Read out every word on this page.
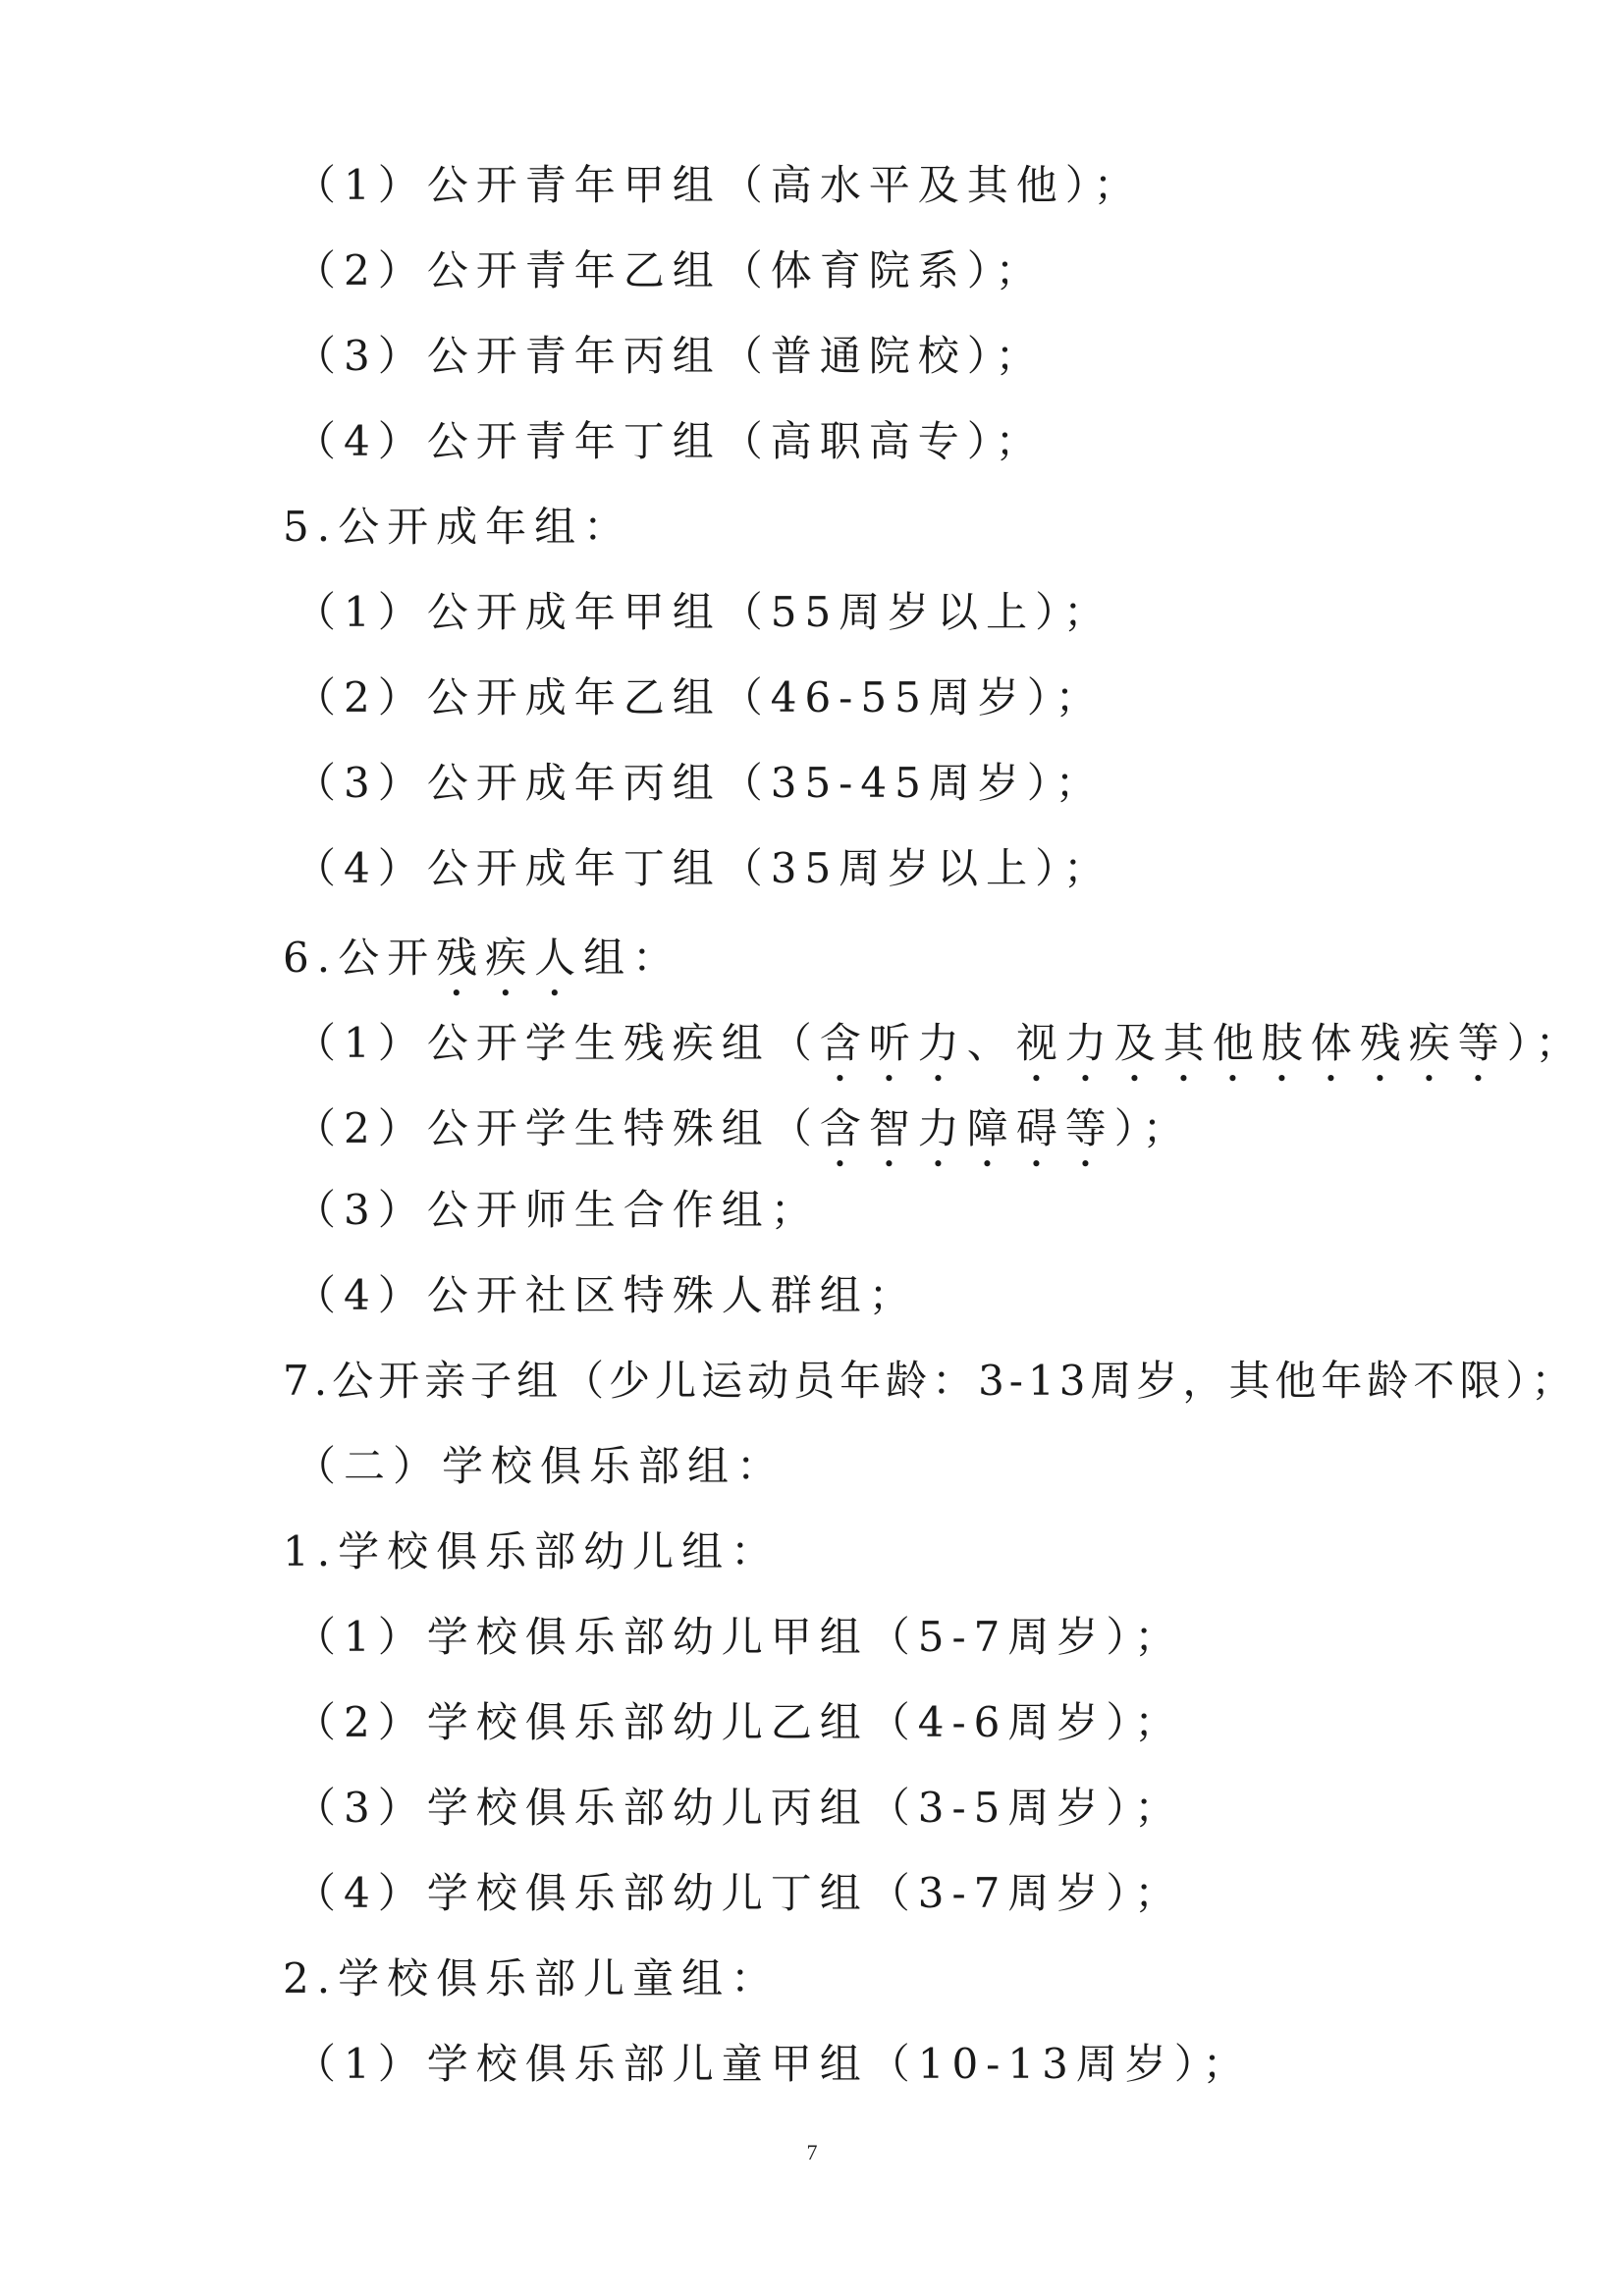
（1）公开青年甲组（高水平及其他）；
（2）公开青年乙组（体育院系）；
（3）公开青年丙组（普通院校）；
（4）公开青年丁组（高职高专）；
5.公开成年组：
（1）公开成年甲组（55周岁以上）；
（2）公开成年乙组（46-55周岁）；
（3）公开成年丙组（35-45周岁）；
（4）公开成年丁组（35周岁以上）；
6.公开残疾人组：
（1）公开学生残疾组（含听力、视力及其他肢体残疾等）；
（2）公开学生特殊组（含智力障碍等）；
（3）公开师生合作组；
（4）公开社区特殊人群组；
7.公开亲子组（少儿运动员年龄：3-13周岁，其他年龄不限）；
（二）学校俱乐部组：
1.学校俱乐部幼儿组：
（1）学校俱乐部幼儿甲组（5-7周岁）；
（2）学校俱乐部幼儿乙组（4-6周岁）；
（3）学校俱乐部幼儿丙组（3-5周岁）；
（4）学校俱乐部幼儿丁组（3-7周岁）；
2.学校俱乐部儿童组：
（1）学校俱乐部儿童甲组（10-13周岁）；
7
